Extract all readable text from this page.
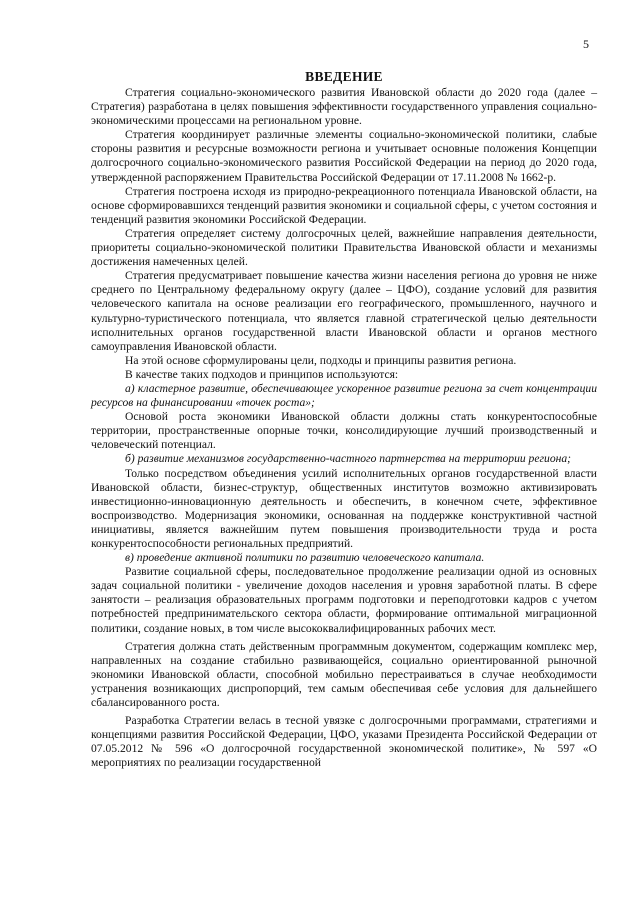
5
ВВЕДЕНИЕ

Стратегия социально-экономического развития Ивановской области до 2020 года (далее – Стратегия) разработана в целях повышения эффективности государственного управления социально-экономическими процессами на региональном уровне.

Стратегия координирует различные элементы социально-экономической политики, слабые стороны развития и ресурсные возможности региона и учитывает основные положения Концепции долгосрочного социально-экономического развития Российской Федерации на период до 2020 года, утвержденной распоряжением Правительства Российской Федерации от 17.11.2008 № 1662-р.

Стратегия построена исходя из природно-рекреационного потенциала Ивановской области, на основе сформировавшихся тенденций развития экономики и социальной сферы, с учетом состояния и тенденций развития экономики Российской Федерации.

Стратегия определяет систему долгосрочных целей, важнейшие направления деятельности, приоритеты социально-экономической политики Правительства Ивановской области и механизмы достижения намеченных целей.

Стратегия предусматривает повышение качества жизни населения региона до уровня не ниже среднего по Центральному федеральному округу (далее – ЦФО), создание условий для развития человеческого капитала на основе реализации его географического, промышленного, научного и культурно-туристического потенциала, что является главной стратегической целью деятельности исполнительных органов государственной власти Ивановской области и органов местного самоуправления Ивановской области.

На этой основе сформулированы цели, подходы и принципы развития региона.

В качестве таких подходов и принципов используются:

а) кластерное развитие, обеспечивающее ускоренное развитие региона за счет концентрации ресурсов на финансировании «точек роста»;

Основой роста экономики Ивановской области должны стать конкурентоспособные территории, пространственные опорные точки, консолидирующие лучший производственный и человеческий потенциал.

б) развитие механизмов государственно-частного партнерства на территории региона;

Только посредством объединения усилий исполнительных органов государственной власти Ивановской области, бизнес-структур, общественных институтов возможно активизировать инвестиционно-инновационную деятельность и обеспечить, в конечном счете, эффективное воспроизводство. Модернизация экономики, основанная на поддержке конструктивной частной инициативы, является важнейшим путем повышения производительности труда и роста конкурентоспособности региональных предприятий.

в) проведение активной политики по развитию человеческого капитала.

Развитие социальной сферы, последовательное продолжение реализации одной из основных задач социальной политики - увеличение доходов населения и уровня заработной платы. В сфере занятости – реализация образовательных программ подготовки и переподготовки кадров с учетом потребностей предпринимательского сектора области, формирование оптимальной миграционной политики, создание новых, в том числе высококвалифицированных рабочих мест.

Стратегия должна стать действенным программным документом, содержащим комплекс мер, направленных на создание стабильно развивающейся, социально ориентированной рыночной экономики Ивановской области, способной мобильно перестраиваться в случае необходимости устранения возникающих диспропорций, тем самым обеспечивая себе условия для дальнейшего сбалансированного роста.

Разработка Стратегии велась в тесной увязке с долгосрочными программами, стратегиями и концепциями развития Российской Федерации, ЦФО, указами Президента Российской Федерации от 07.05.2012 № 596 «О долгосрочной государственной экономической политике», № 597 «О мероприятиях по реализации государственной
